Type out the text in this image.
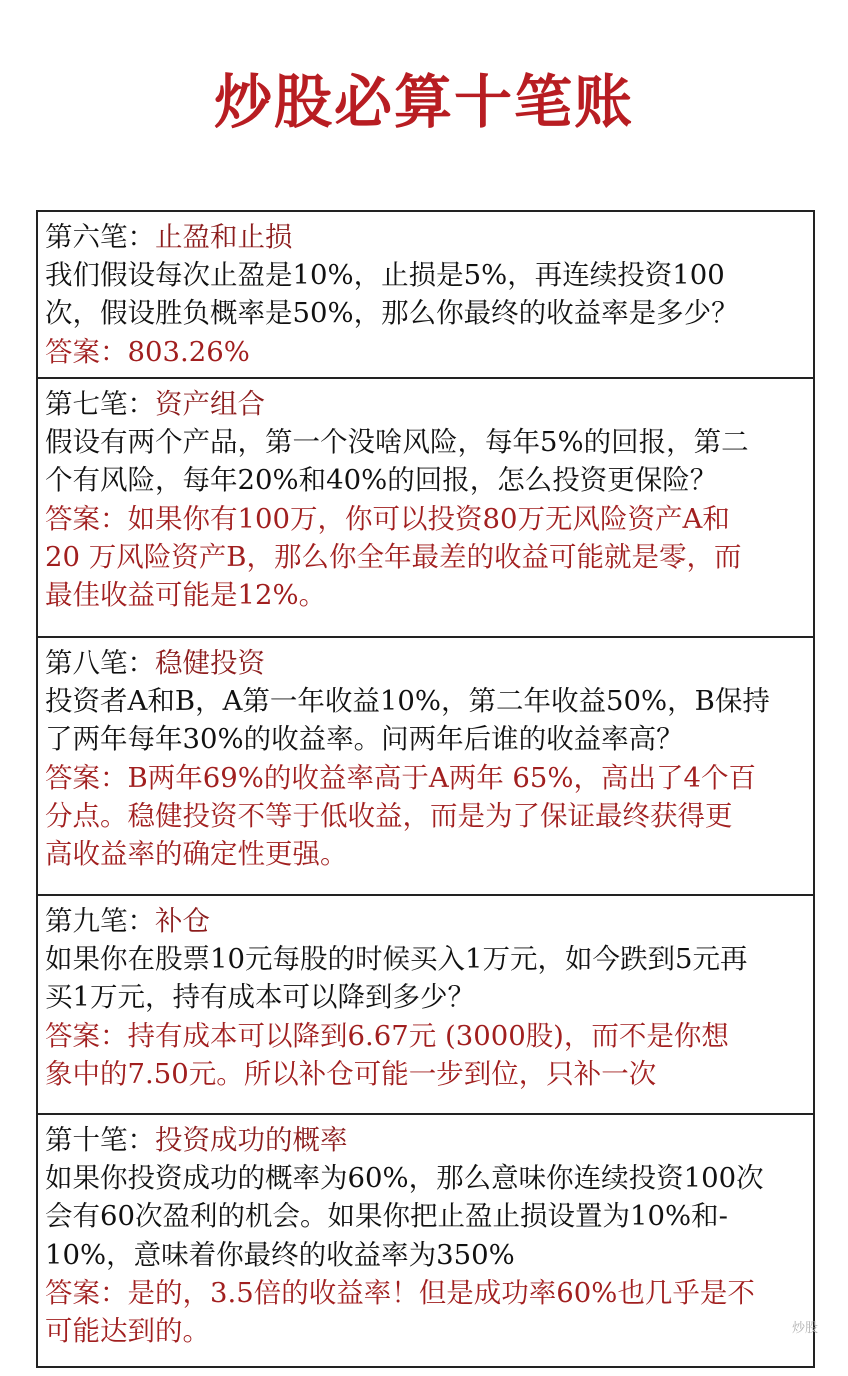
炒股必算十笔账
第六笔：止盈和止损
我们假设每次止盈是10%，止损是5%，再连续投资100
次，假设胜负概率是50%，那么你最终的收益率是多少？
答案：803.26%
第七笔：资产组合
假设有两个产品，第一个没啥风险，每年5%的回报，第二
个有风险，每年20%和40%的回报，怎么投资更保险？
答案：如果你有100万，你可以投资80万无风险资产A和
20 万风险资产B，那么你全年最差的收益可能就是零，而
最佳收益可能是12%。
第八笔：稳健投资
投资者A和B，A第一年收益10%，第二年收益50%，B保持
了两年每年30%的收益率。问两年后谁的收益率高？
答案：B两年69%的收益率高于A两年 65%，高出了4个百
分点。稳健投资不等于低收益，而是为了保证最终获得更
高收益率的确定性更强。
第九笔：补仓
如果你在股票10元每股的时候买入1万元，如今跌到5元再
买1万元，持有成本可以降到多少？
答案：持有成本可以降到6.67元 (3000股)，而不是你想
象中的7.50元。所以补仓可能一步到位，只补一次
第十笔：投资成功的概率
如果你投资成功的概率为60%，那么意味你连续投资100次
会有60次盈利的机会。如果你把止盈止损设置为10%和-
10%，意味着你最终的收益率为350%
答案：是的，3.5倍的收益率！但是成功率60%也几乎是不
可能达到的。	炒股
